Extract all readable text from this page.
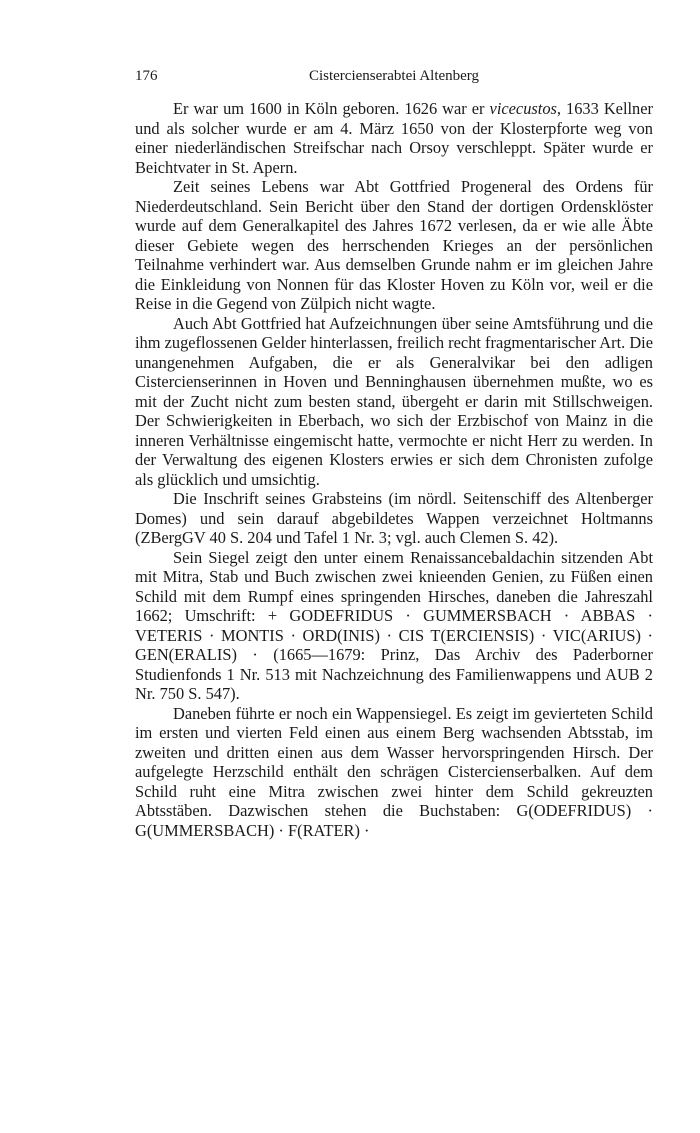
176	Cistercienserabtei Altenberg

Er war um 1600 in Köln geboren. 1626 war er vicecustos, 1633 Kellner und als solcher wurde er am 4. März 1650 von der Klosterpforte weg von einer niederländischen Streifschar nach Orsoy verschleppt. Später wurde er Beichtvater in St. Apern.

Zeit seines Lebens war Abt Gottfried Progeneral des Ordens für Niederdeutschland. Sein Bericht über den Stand der dortigen Ordensklöster wurde auf dem Generalkapitel des Jahres 1672 verlesen, da er wie alle Äbte dieser Gebiete wegen des herrschenden Krieges an der persönlichen Teilnahme verhindert war. Aus demselben Grunde nahm er im gleichen Jahre die Einkleidung von Nonnen für das Kloster Hoven zu Köln vor, weil er die Reise in die Gegend von Zülpich nicht wagte.

Auch Abt Gottfried hat Aufzeichnungen über seine Amtsführung und die ihm zugeflossenen Gelder hinterlassen, freilich recht fragmentarischer Art. Die unangenehmen Aufgaben, die er als Generalvikar bei den adligen Cistercienserinnen in Hoven und Benninghausen übernehmen mußte, wo es mit der Zucht nicht zum besten stand, übergeht er darin mit Stillschweigen. Der Schwierigkeiten in Eberbach, wo sich der Erzbischof von Mainz in die inneren Verhältnisse eingemischt hatte, vermochte er nicht Herr zu werden. In der Verwaltung des eigenen Klosters erwies er sich dem Chronisten zufolge als glücklich und umsichtig.

Die Inschrift seines Grabsteins (im nördl. Seitenschiff des Altenberger Domes) und sein darauf abgebildetes Wappen verzeichnet Holtmanns (ZBergGV 40 S. 204 und Tafel 1 Nr. 3; vgl. auch Clemen S. 42).

Sein Siegel zeigt den unter einem Renaissancebaldachin sitzenden Abt mit Mitra, Stab und Buch zwischen zwei knieenden Genien, zu Füßen einen Schild mit dem Rumpf eines springenden Hirsches, daneben die Jahreszahl 1662; Umschrift: + GODEFRIDUS · GUMMERSBACH · ABBAS · VETERIS · MONTIS · ORD(INIS) · CIS T(ERCIENSIS) · VIC(ARIUS) · GEN(ERALIS) · (1665—1679: Prinz, Das Archiv des Paderborner Studienfonds 1 Nr. 513 mit Nachzeichnung des Familienwappens und AUB 2 Nr. 750 S. 547).

Daneben führte er noch ein Wappensiegel. Es zeigt im gevierteten Schild im ersten und vierten Feld einen aus einem Berg wachsenden Abtsstab, im zweiten und dritten einen aus dem Wasser hervorspringenden Hirsch. Der aufgelegte Herzschild enthält den schrägen Cistercienserbalken. Auf dem Schild ruht eine Mitra zwischen zwei hinter dem Schild gekreuzten Abtsstäben. Dazwischen stehen die Buchstaben: G(ODEFRIDUS) · G(UMMERSBACH) · F(RATER) ·
